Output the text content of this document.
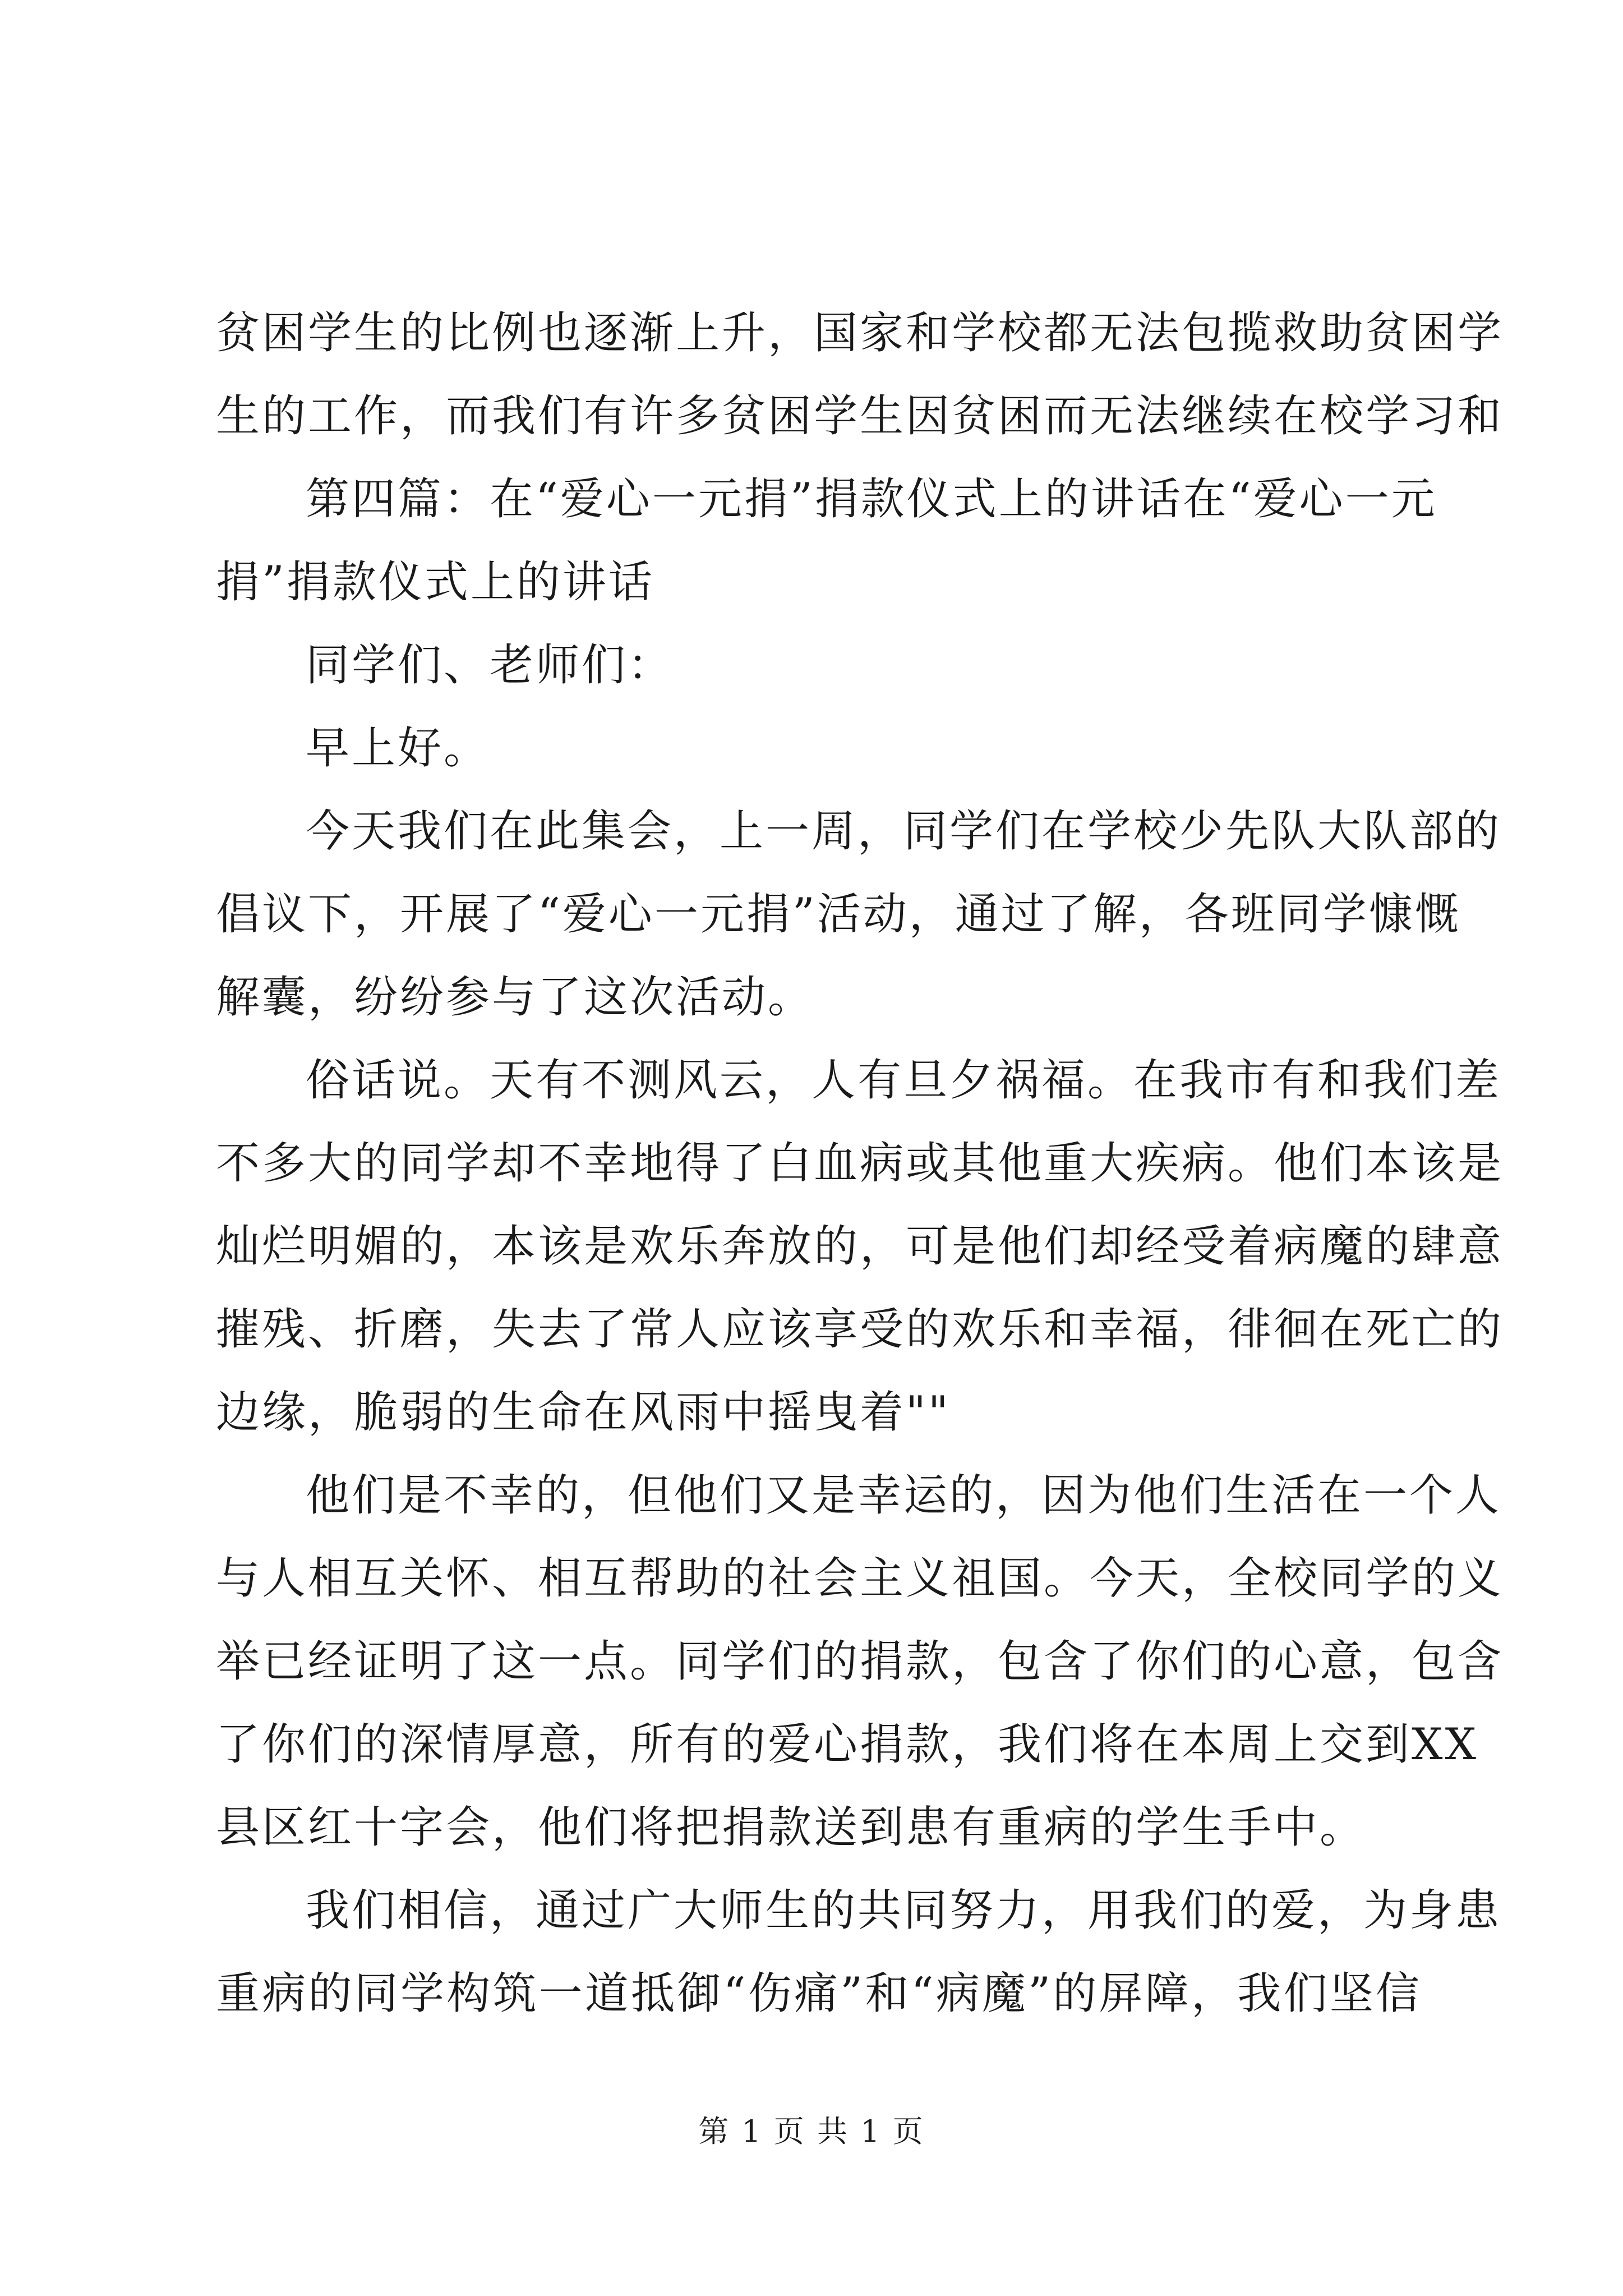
贫困学生的比例也逐渐上升，国家和学校都无法包揽救助贫困学
生的工作，而我们有许多贫困学生因贫困而无法继续在校学习和
第四篇：在“爱心一元捐”捐款仪式上的讲话在“爱心一元
捐”捐款仪式上的讲话
同学们、老师们：
早上好。
今天我们在此集会，上一周，同学们在学校少先队大队部的
倡议下，开展了“爱心一元捐”活动，通过了解，各班同学慷慨
解囊，纷纷参与了这次活动。
俗话说。天有不测风云，人有旦夕祸福。在我市有和我们差
不多大的同学却不幸地得了白血病或其他重大疾病。他们本该是
灿烂明媚的，本该是欢乐奔放的，可是他们却经受着病魔的肆意
摧残、折磨，失去了常人应该享受的欢乐和幸福，徘徊在死亡的
边缘，脆弱的生命在风雨中摇曳着""
他们是不幸的，但他们又是幸运的，因为他们生活在一个人
与人相互关怀、相互帮助的社会主义祖国。今天，全校同学的义
举已经证明了这一点。同学们的捐款，包含了你们的心意，包含
了你们的深情厚意，所有的爱心捐款，我们将在本周上交到XX
县区红十字会，他们将把捐款送到患有重病的学生手中。
我们相信，通过广大师生的共同努力，用我们的爱，为身患
重病的同学构筑一道抵御“伤痛”和“病魔”的屏障，我们坚信
第 1 页 共 1 页
